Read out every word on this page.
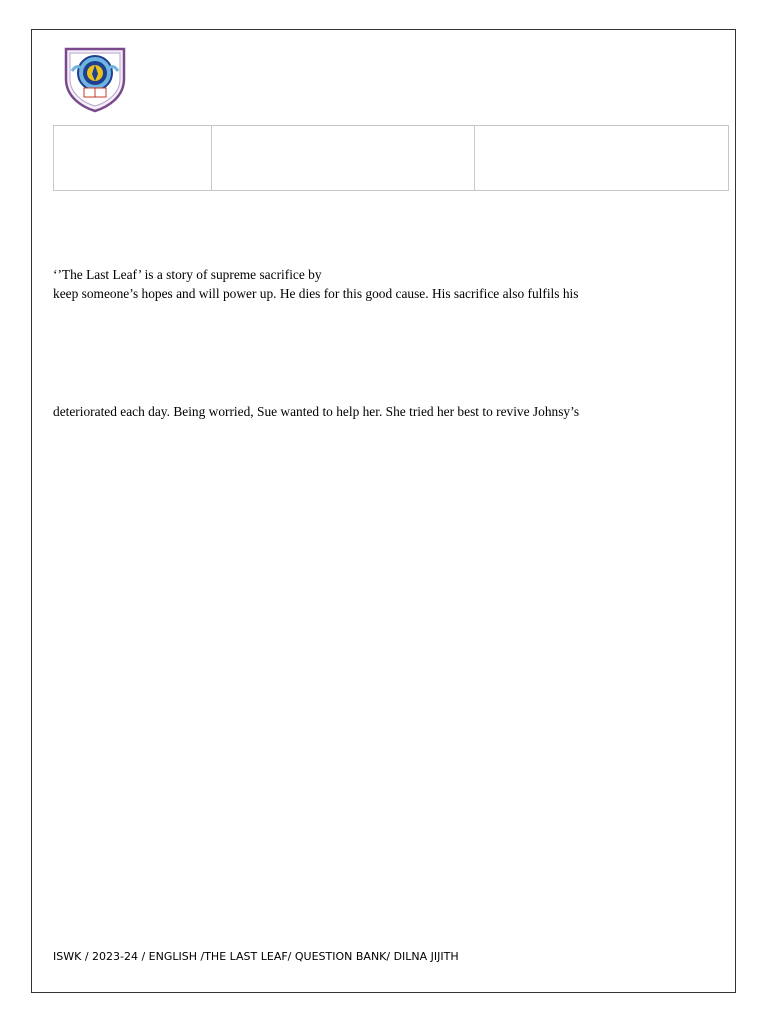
‘’The Last Leaf’ is a story of supreme sacrifice by
keep someone’s hopes and will power up. He dies for this good cause. His sacrifice also fulfils his
deteriorated each day. Being worried, Sue wanted to help her. She tried her best to revive Johnsy’s
ISWK / 2023-24 / ENGLISH /THE LAST LEAF/ QUESTION BANK/ DILNA JIJITH
